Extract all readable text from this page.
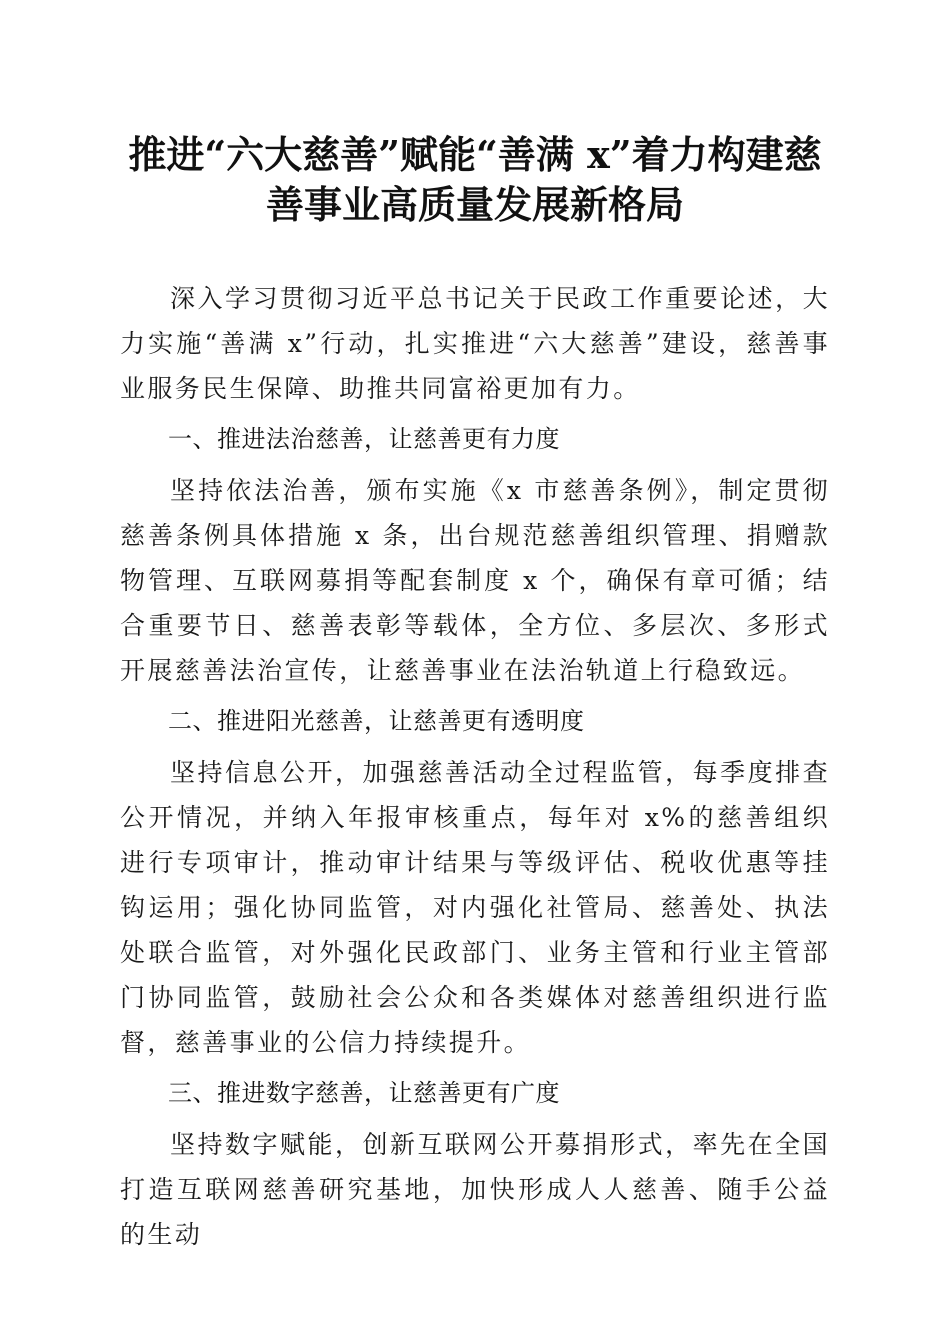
推进“六大慈善”赋能“善满 x”着力构建慈
善事业高质量发展新格局

深入学习贯彻习近平总书记关于民政工作重要论述，大力实施“善满 x”行动，扎实推进“六大慈善”建设，慈善事业服务民生保障、助推共同富裕更加有力。

一、推进法治慈善，让慈善更有力度

坚持依法治善，颁布实施《x 市慈善条例》，制定贯彻慈善条例具体措施 x 条，出台规范慈善组织管理、捐赠款物管理、互联网募捐等配套制度 x 个，确保有章可循；结合重要节日、慈善表彰等载体，全方位、多层次、多形式开展慈善法治宣传，让慈善事业在法治轨道上行稳致远。

二、推进阳光慈善，让慈善更有透明度

坚持信息公开，加强慈善活动全过程监管，每季度排查公开情况，并纳入年报审核重点，每年对 x%的慈善组织进行专项审计，推动审计结果与等级评估、税收优惠等挂钩运用；强化协同监管，对内强化社管局、慈善处、执法处联合监管，对外强化民政部门、业务主管和行业主管部门协同监管，鼓励社会公众和各类媒体对慈善组织进行监督，慈善事业的公信力持续提升。

三、推进数字慈善，让慈善更有广度

坚持数字赋能，创新互联网公开募捐形式，率先在全国打造互联网慈善研究基地，加快形成人人慈善、随手公益的生动
